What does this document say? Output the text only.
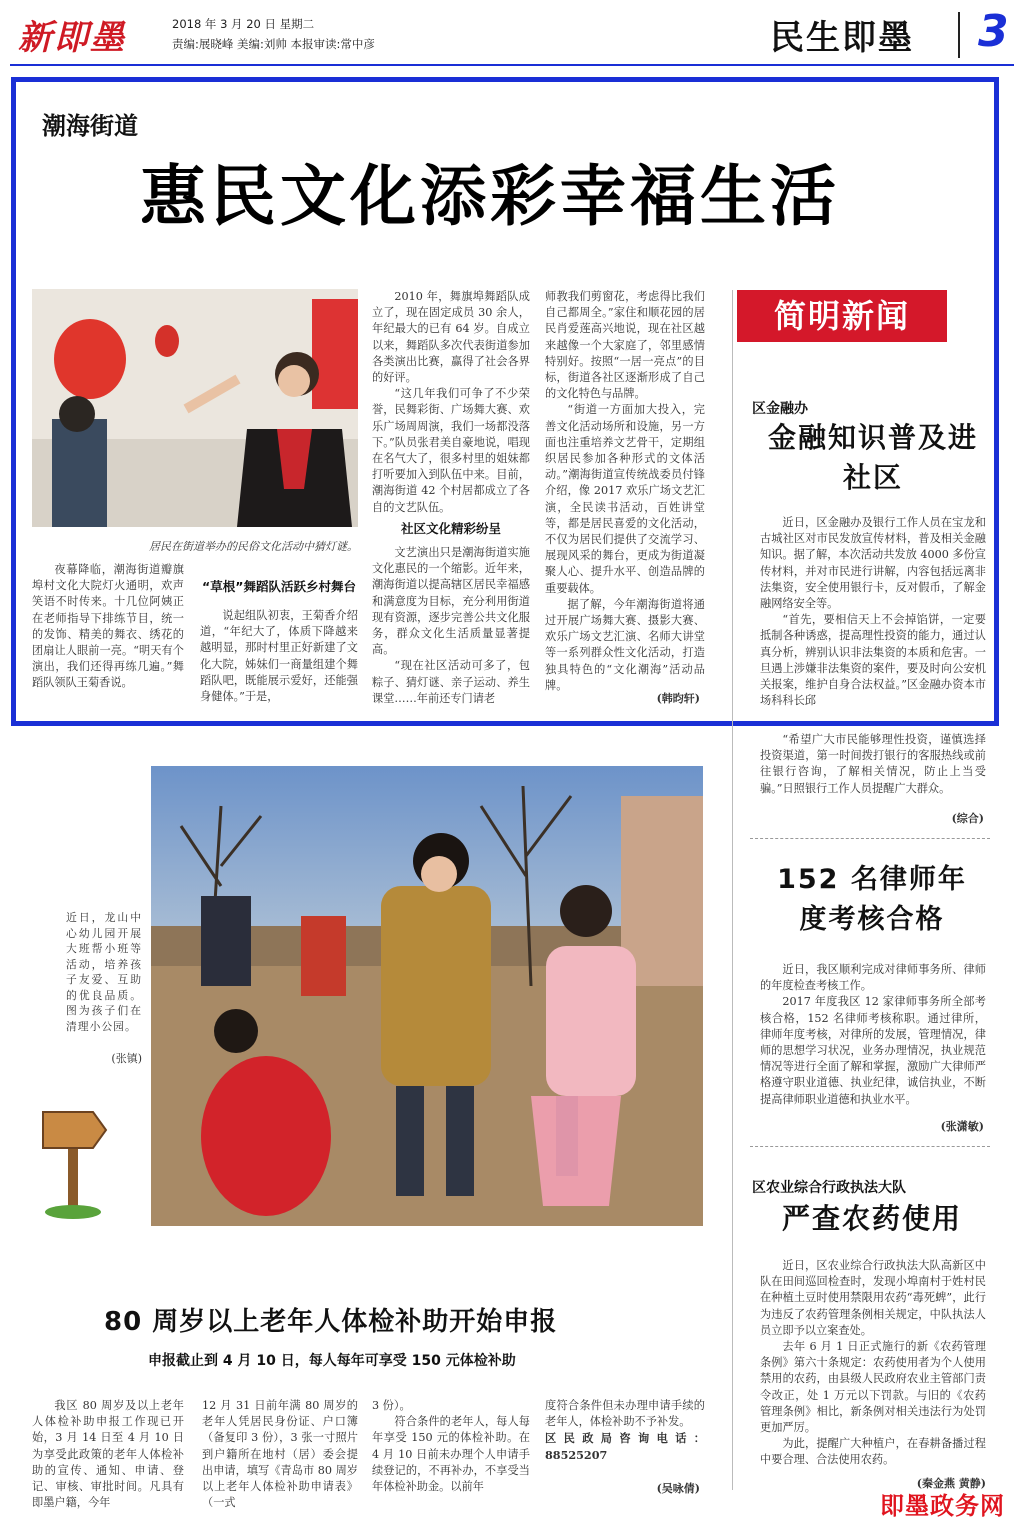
新即墨	2018 年 3 月 20 日 星期二
责编:展晓峰 美编:刘帅 本报审读:常中彦	民生即墨 3
潮海街道
惠民文化添彩幸福生活
居民在街道举办的民俗文化活动中猜灯谜。

夜幕降临，潮海街道瓣旗埠村文化大院灯火通明，欢声笑语不时传来。十几位阿姨正在老师指导下排练节目，统一的发饰、精美的舞衣、绣花的团扇让人眼前一亮。“明天有个演出，我们还得再练几遍。”舞蹈队领队王菊香说。

“草根”舞蹈队活跃乡村舞台

说起组队初衷，王菊香介绍道，“年纪大了，体质下降越来越明显，那时村里正好新建了文化大院，姊妹们一商量组建个舞蹈队吧，既能展示爱好，还能强身健体。”于是，

2010 年，舞旗埠舞蹈队成立了，现在固定成员 30 余人，年纪最大的已有 64 岁。自成立以来，舞蹈队多次代表街道参加各类演出比赛，赢得了社会各界的好评。

“这几年我们可争了不少荣誉，民舞彩街、广场舞大赛、欢乐广场周周演，我们一场都没落下。”队员张君美自豪地说，唱现在名气大了，很多村里的姐妹都打听要加入到队伍中来。目前，潮海街道 42 个村居都成立了各自的文艺队伍。

社区文化精彩纷呈

文艺演出只是潮海街道实施文化惠民的一个缩影。近年来，潮海街道以提高辖区居民幸福感和满意度为目标，充分利用街道现有资源，逐步完善公共文化服务，群众文化生活质量显著提高。

“现在社区活动可多了，包粽子、猜灯谜、亲子运动、养生课堂……年前还专门请老

师教我们剪窗花，考虑得比我们自己都周全。”家住和顺花园的居民肖爱莲高兴地说，现在社区越来越像一个大家庭了，邻里感情特别好。按照“一居一亮点”的目标，街道各社区逐渐形成了自己的文化特色与品牌。

“街道一方面加大投入，完善文化活动场所和设施，另一方面也注重培养文艺骨干，定期组织居民参加各种形式的文体活动。”潮海街道宣传统战委员付锋介绍，像 2017 欢乐广场文艺汇演，全民读书活动，百姓讲堂等，都是居民喜爱的文化活动，不仅为居民们提供了交流学习、展现风采的舞台，更成为街道凝聚人心、提升水平、创造品牌的重要载体。

据了解，今年潮海街道将通过开展广场舞大赛、摄影大赛、欢乐广场文艺汇演、名师大讲堂等一系列群众性文化活动，打造独具特色的“文化潮海”活动品牌。

(韩昀轩)
简明新闻
区金融办
金融知识普及进社区

近日，区金融办及银行工作人员在宝龙和古城社区对市民发放宣传材料，普及相关金融知识。据了解，本次活动共发放 4000 多份宣传材料，并对市民进行讲解，内容包括远离非法集资，安全使用银行卡，反对假币，了解金融网络安全等。

“首先，要相信天上不会掉馅饼，一定要抵制各种诱惑，提高理性投资的能力，通过认真分析，辨别认识非法集资的本质和危害。一旦遇上涉嫌非法集资的案件，要及时向公安机关报案，维护自身合法权益。”区金融办资本市场科科长邱

“希望广大市民能够理性投资，谨慎选择投资渠道，第一时间拨打银行的客服热线或前往银行咨询，了解相关情况，防止上当受骗。”日照银行工作人员提醒广大群众。

(综合)
152 名律师年度考核合格

近日，我区顺利完成对律师事务所、律师的年度检查考核工作。

2017 年度我区 12 家律师事务所全部考核合格，152 名律师考核称职。通过律所，律师年度考核，对律所的发展，管理情况，律师的思想学习状况，业务办理情况，执业规范情况等进行全面了解和掌握，激励广大律师严格遵守职业道德、执业纪律，诚信执业，不断提高律师职业道德和执业水平。

(张潇敏)
区农业综合行政执法大队
严查农药使用

近日，区农业综合行政执法大队高新区中队在田间巡回检查时，发现小埠南村于姓村民在种植土豆时使用禁限用农药“毒死蜱”，此行为违反了农药管理条例相关规定，中队执法人员立即予以立案查处。

去年 6 月 1 日正式施行的新《农药管理条例》第六十条规定：农药使用者为个人使用禁用的农药，由县级人民政府农业主管部门责令改正，处 1 万元以下罚款。与旧的《农药管理条例》相比，新条例对相关违法行为处罚更加严厉。

为此，提醒广大种植户，在春耕备播过程中要合理、合法使用农药。

(秦金燕 黄静)
近日，龙山中心幼儿园开展大班帮小班等活动，培养孩子友爱、互助的优良品质。图为孩子们在清理小公园。
(张镇)
80 周岁以上老年人体检补助开始申报
申报截止到 4 月 10 日，每人每年可享受 150 元体检补助

我区 80 周岁及以上老年人体检补助申报工作现已开始，3 月 14 日至 4 月 10 日为享受此政策的老年人体检补助的宣传、通知、申请、登记、审核、审批时间。凡具有即墨户籍，今年

12 月 31 日前年满 80 周岁的老年人凭居民身份证、户口簿（备复印 3 份），3 张一寸照片到户籍所在地村（居）委会提出申请，填写《青岛市 80 周岁以上老年人体检补助申请表》（一式

3 份）。

符合条件的老年人，每人每年享受 150 元的体检补助。在 4 月 10 日前未办理个人申请手续登记的，不再补办，不享受当年体检补助金。以前年

度符合条件但未办理申请手续的老年人，体检补助不予补发。

区民政局咨询电话：88525207

(吴咏倩)
即墨政务网
